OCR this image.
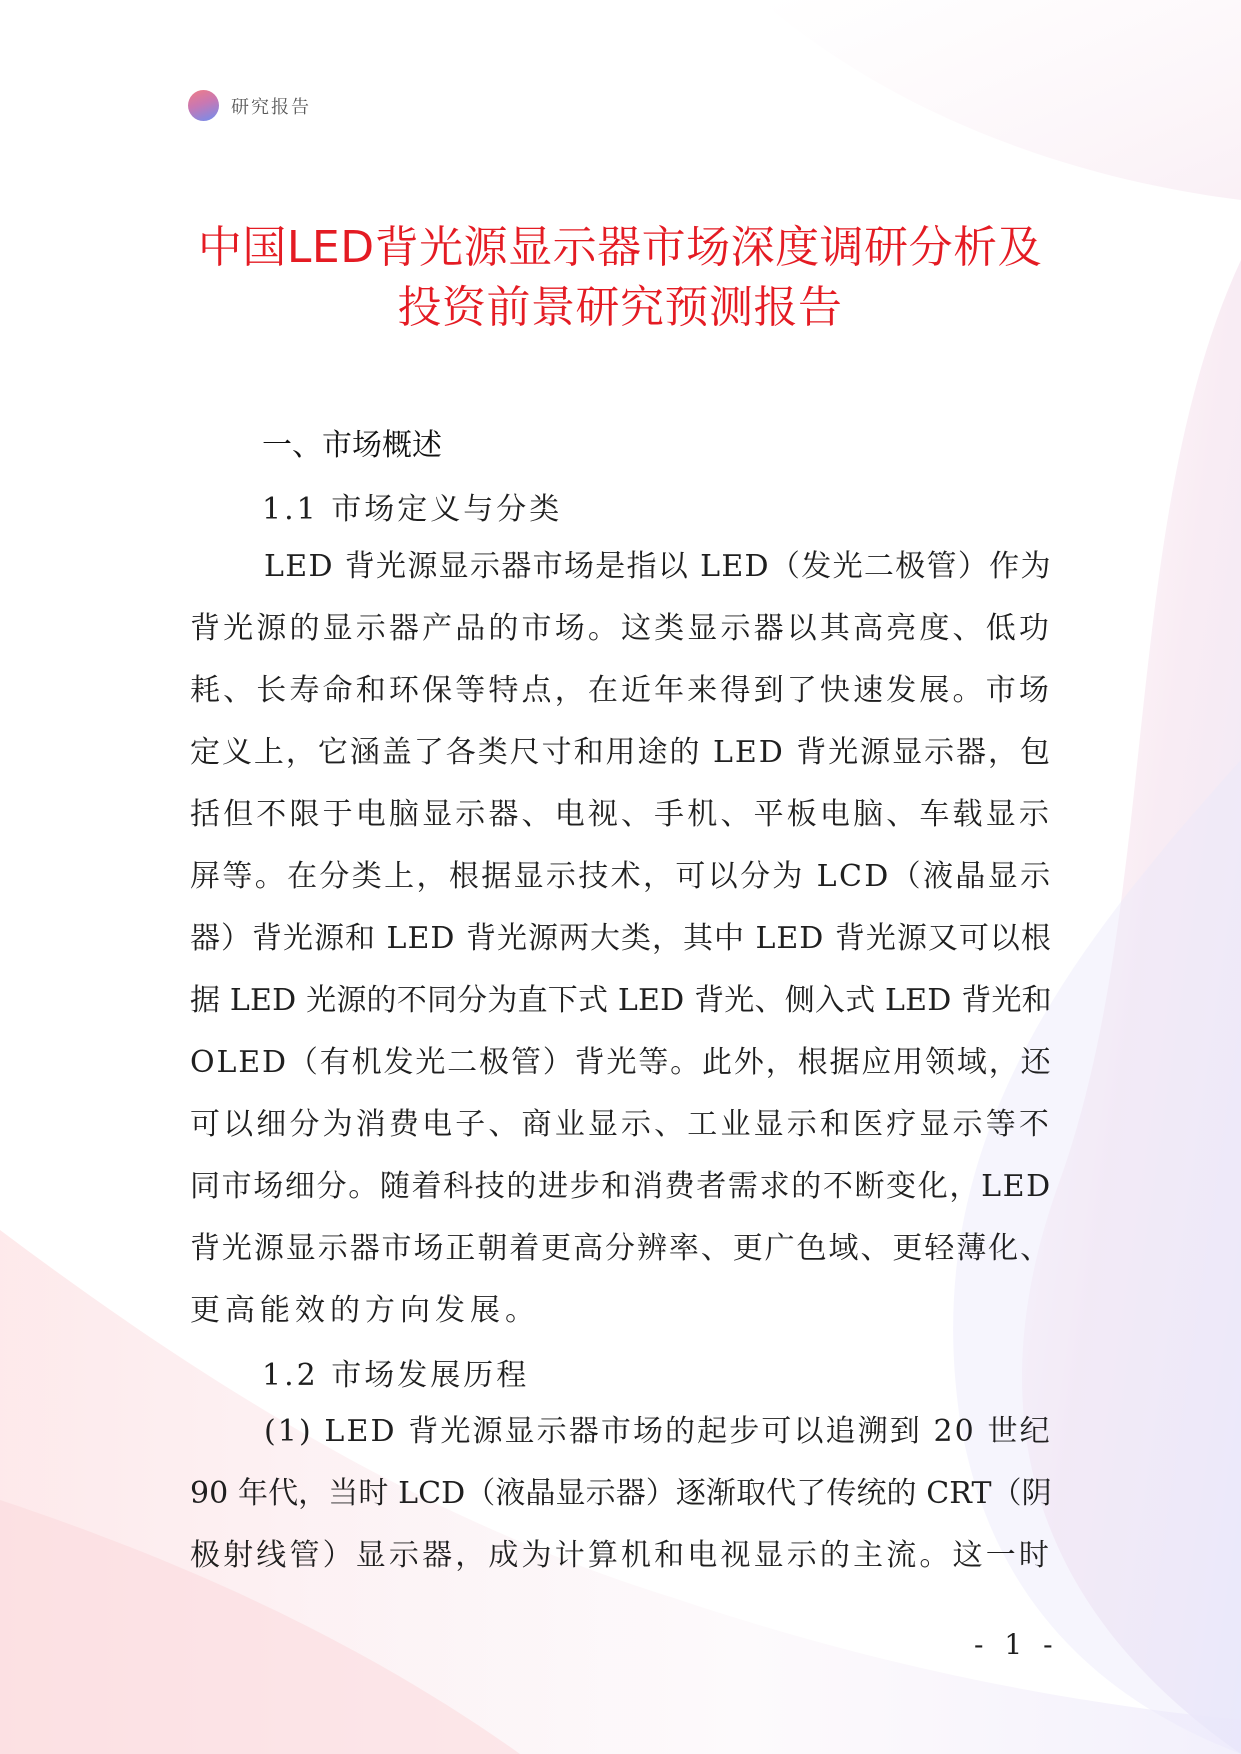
研究报告
中国LED背光源显示器市场深度调研分析及
投资前景研究预测报告
一、市场概述
1.1 市场定义与分类
LED 背光源显示器市场是指以 LED（发光二极管）作为
背光源的显示器产品的市场。这类显示器以其高亮度、低功
耗、长寿命和环保等特点，在近年来得到了快速发展。市场
定义上，它涵盖了各类尺寸和用途的 LED 背光源显示器，包
括但不限于电脑显示器、电视、手机、平板电脑、车载显示
屏等。在分类上，根据显示技术，可以分为 LCD（液晶显示
器）背光源和 LED 背光源两大类，其中 LED 背光源又可以根
据 LED 光源的不同分为直下式 LED 背光、侧入式 LED 背光和
OLED（有机发光二极管）背光等。此外，根据应用领域，还
可以细分为消费电子、商业显示、工业显示和医疗显示等不
同市场细分。随着科技的进步和消费者需求的不断变化，LED
背光源显示器市场正朝着更高分辨率、更广色域、更轻薄化、
更高能效的方向发展。
1.2 市场发展历程
(1) LED 背光源显示器市场的起步可以追溯到 20 世纪
90 年代，当时 LCD（液晶显示器）逐渐取代了传统的 CRT（阴
极射线管）显示器，成为计算机和电视显示的主流。这一时
- 1 -
